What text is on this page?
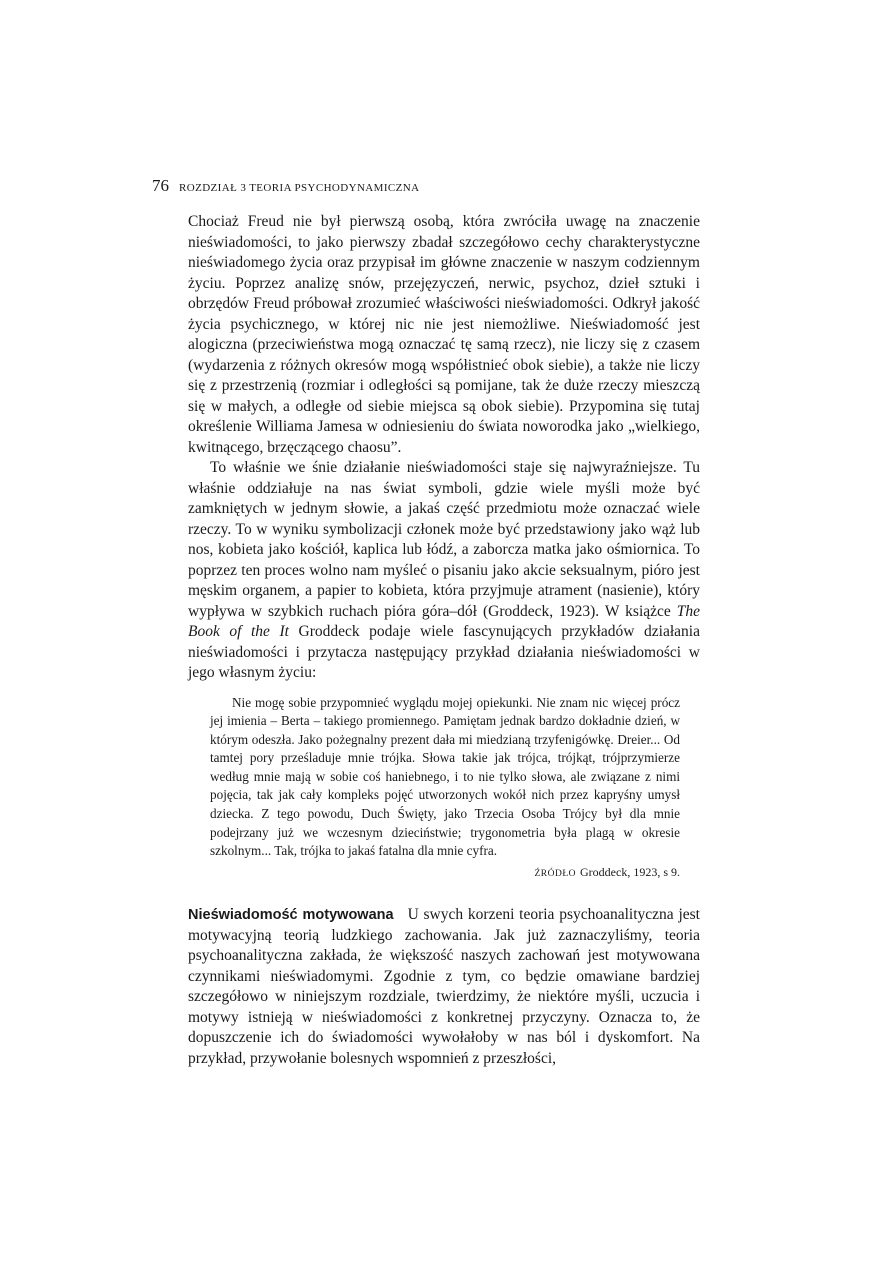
76 ROZDZIAŁ 3 TEORIA PSYCHODYNAMICZNA

Chociaż Freud nie był pierwszą osobą, która zwróciła uwagę na znaczenie nieświadomości, to jako pierwszy zbadał szczegółowo cechy charakterystyczne nieświadomego życia oraz przypisał im główne znaczenie w naszym codziennym życiu. Poprzez analizę snów, przejęzyczeń, nerwic, psychoz, dzieł sztuki i obrzędów Freud próbował zrozumieć właściwości nieświadomości. Odkrył jakość życia psychicznego, w której nic nie jest niemożliwe. Nieświadomość jest alogiczna (przeciwieństwa mogą oznaczać tę samą rzecz), nie liczy się z czasem (wydarzenia z różnych okresów mogą współistnieć obok siebie), a także nie liczy się z przestrzenią (rozmiar i odległości są pomijane, tak że duże rzeczy mieszczą się w małych, a odległe od siebie miejsca są obok siebie). Przypomina się tutaj określenie Williama Jamesa w odniesieniu do świata noworodka jako „wielkiego, kwitnącego, brzęczącego chaosu”.

To właśnie we śnie działanie nieświadomości staje się najwyraźniejsze. Tu właśnie oddziałuje na nas świat symboli, gdzie wiele myśli może być zamkniętych w jednym słowie, a jakaś część przedmiotu może oznaczać wiele rzeczy. To w wyniku symbolizacji członek może być przedstawiony jako wąż lub nos, kobieta jako kościół, kaplica lub łódź, a zaborcza matka jako ośmiornica. To poprzez ten proces wolno nam myśleć o pisaniu jako akcie seksualnym, pióro jest męskim organem, a papier to kobieta, która przyjmuje atrament (nasienie), który wypływa w szybkich ruchach pióra góra–dół (Groddeck, 1923). W książce The Book of the It Groddeck podaje wiele fascynujących przykładów działania nieświadomości i przytacza następujący przykład działania nieświadomości w jego własnym życiu:

Nie mogę sobie przypomnieć wyglądu mojej opiekunki. Nie znam nic więcej prócz jej imienia – Berta – takiego promiennego. Pamiętam jednak bardzo dokładnie dzień, w którym odeszła. Jako pożegnalny prezent dała mi miedzianą trzyfenigówkę. Dreier... Od tamtej pory prześladuje mnie trójka. Słowa takie jak trójca, trójkąt, trójprzymierze według mnie mają w sobie coś haniebnego, i to nie tylko słowa, ale związane z nimi pojęcia, tak jak cały kompleks pojęć utworzonych wokół nich przez kapryśny umysł dziecka. Z tego powodu, Duch Święty, jako Trzecia Osoba Trójcy był dla mnie podejrzany już we wczesnym dzieciństwie; trygonometria była plagą w okresie szkolnym... Tak, trójka to jakaś fatalna dla mnie cyfra.

ŹRÓDŁO Groddeck, 1923, s 9.

Nieświadomość motywowana U swych korzeni teoria psychoanalityczna jest motywacyjną teorią ludzkiego zachowania. Jak już zaznaczyliśmy, teoria psychoanalityczna zakłada, że większość naszych zachowań jest motywowana czynnikami nieświadomymi. Zgodnie z tym, co będzie omawiane bardziej szczegółowo w niniejszym rozdziale, twierdzimy, że niektóre myśli, uczucia i motywy istnieją w nieświadomości z konkretnej przyczyny. Oznacza to, że dopuszczenie ich do świadomości wywołałoby w nas ból i dyskomfort. Na przykład, przywołanie bolesnych wspomnień z przeszłości,
